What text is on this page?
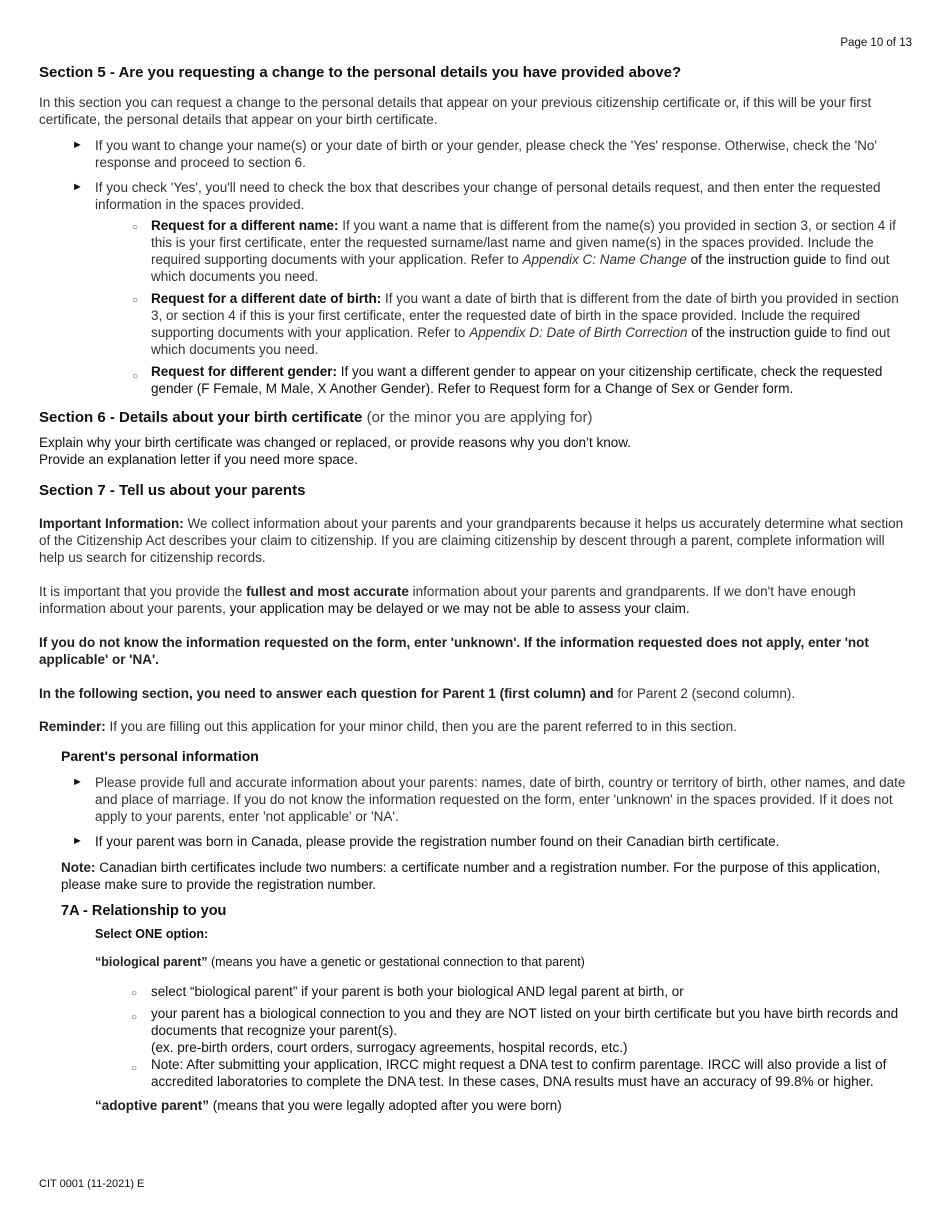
Page 10 of 13
Section 5 - Are you requesting a change to the personal details you have provided above?

In this section you can request a change to the personal details that appear on your previous citizenship certificate or, if this will be your first certificate, the personal details that appear on your birth certificate.

► If you want to change your name(s) or your date of birth or your gender, please check the 'Yes' response. Otherwise, check the 'No' response and proceed to section 6.
► If you check 'Yes', you'll need to check the box that describes your change of personal details request, and then enter the requested information in the spaces provided.
○ Request for a different name: If you want a name that is different from the name(s) you provided in section 3, or section 4 if this is your first certificate, enter the requested surname/last name and given name(s) in the spaces provided. Include the required supporting documents with your application. Refer to Appendix C: Name Change of the instruction guide to find out which documents you need.
○ Request for a different date of birth: If you want a date of birth that is different from the date of birth you provided in section 3, or section 4 if this is your first certificate, enter the requested date of birth in the space provided. Include the required supporting documents with your application. Refer to Appendix D: Date of Birth Correction of the instruction guide to find out which documents you need.
○ Request for different gender: If you want a different gender to appear on your citizenship certificate, check the requested gender (F Female, M Male, X Another Gender). Refer to Request form for a Change of Sex or Gender form.
Section 6 - Details about your birth certificate (or the minor you are applying for)

Explain why your birth certificate was changed or replaced, or provide reasons why you don’t know.

Provide an explanation letter if you need more space.

Section 7 - Tell us about your parents

Important Information: We collect information about your parents and your grandparents because it helps us accurately determine what section of the Citizenship Act describes your claim to citizenship. If you are claiming citizenship by descent through a parent, complete information will help us search for citizenship records.

It is important that you provide the fullest and most accurate information about your parents and grandparents. If we don't have enough information about your parents, your application may be delayed or we may not be able to assess your claim.

If you do not know the information requested on the form, enter 'unknown'. If the information requested does not apply, enter 'not applicable' or 'NA'.

In the following section, you need to answer each question for Parent 1 (first column) and for Parent 2 (second column).

Reminder: If you are filling out this application for your minor child, then you are the parent referred to in this section.

Parent's personal information

► Please provide full and accurate information about your parents: names, date of birth, country or territory of birth, other names, and date and place of marriage. If you do not know the information requested on the form, enter 'unknown' in the spaces provided. If it does not apply to your parents, enter 'not applicable' or 'NA'.
► If your parent was born in Canada, please provide the registration number found on their Canadian birth certificate.

Note: Canadian birth certificates include two numbers: a certificate number and a registration number. For the purpose of this application, please make sure to provide the registration number.

7A - Relationship to you

Select ONE option:

“biological parent” (means you have a genetic or gestational connection to that parent)

○ select “biological parent” if your parent is both your biological AND legal parent at birth, or
○ your parent has a biological connection to you and they are NOT listed on your birth certificate but you have birth records and documents that recognize your parent(s).
(ex. pre-birth orders, court orders, surrogacy agreements, hospital records, etc.)
○ Note: After submitting your application, IRCC might request a DNA test to confirm parentage. IRCC will also provide a list of accredited laboratories to complete the DNA test. In these cases, DNA results must have an accuracy of 99.8% or higher.

“adoptive parent” (means that you were legally adopted after you were born)

CIT 0001 (11-2021) E
